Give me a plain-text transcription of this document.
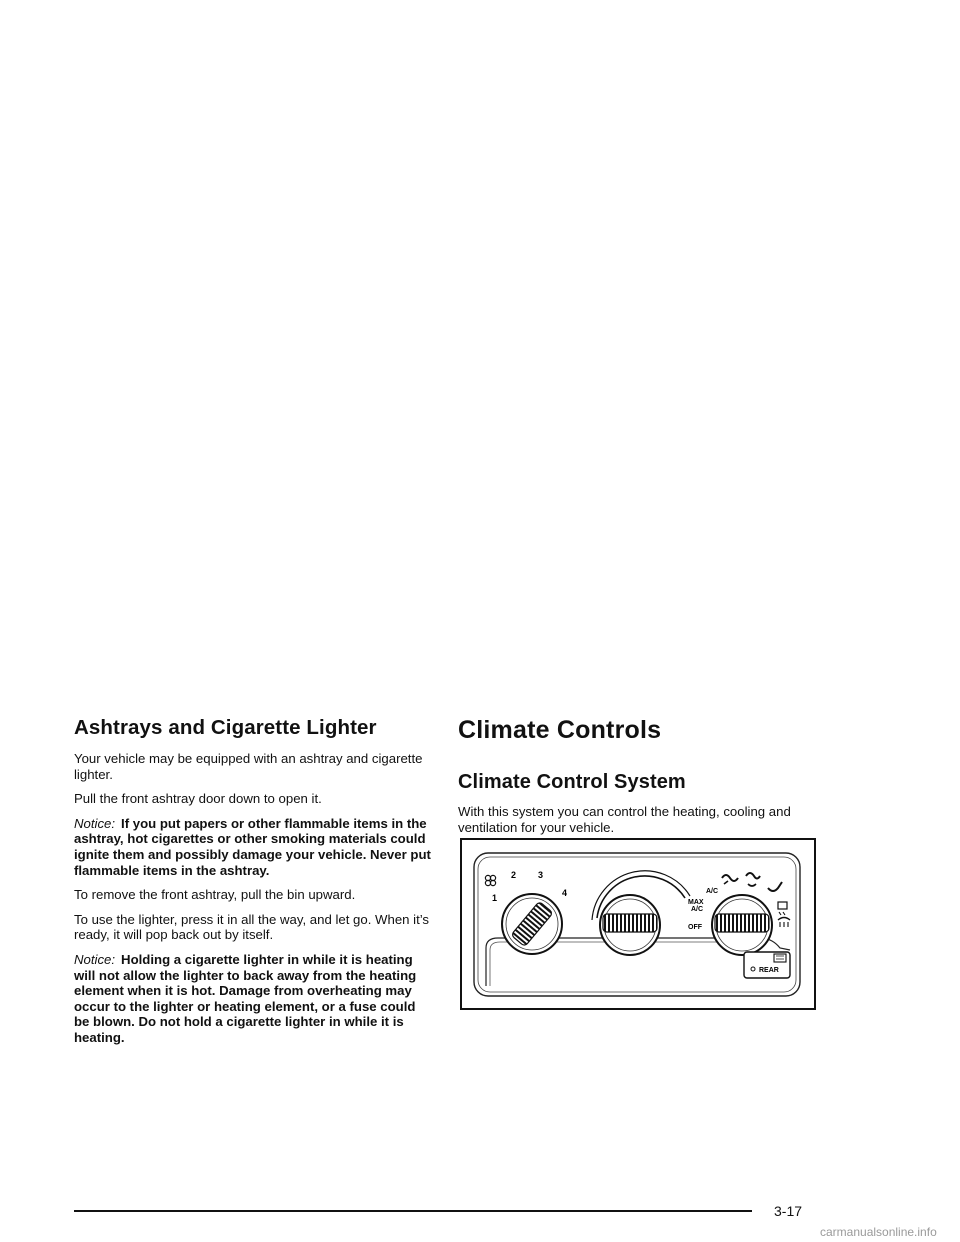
Ashtrays and Cigarette Lighter

Your vehicle may be equipped with an ashtray and cigarette lighter.

Pull the front ashtray door down to open it.

Notice: If you put papers or other flammable items in the ashtray, hot cigarettes or other smoking materials could ignite them and possibly damage your vehicle. Never put flammable items in the ashtray.

To remove the front ashtray, pull the bin upward.

To use the lighter, press it in all the way, and let go. When it’s ready, it will pop back out by itself.

Notice: Holding a cigarette lighter in while it is heating will not allow the lighter to back away from the heating element when it is hot. Damage from overheating may occur to the lighter or heating element, or a fuse could be blown. Do not hold a cigarette lighter in while it is heating.

Climate Controls
Climate Control System

With this system you can control the heating, cooling and ventilation for your vehicle.

1
2 3
4	A/C
MAX
A/C
OFF
REAR
3-17
carmanualsonline.info
